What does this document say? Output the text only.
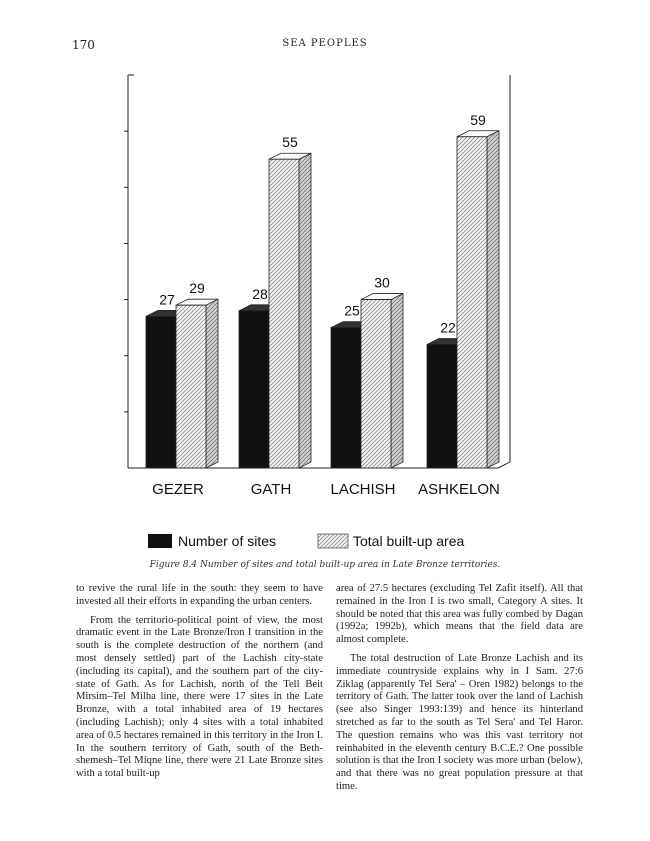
170	SEA PEOPLES
27
29	28
55
25
30
22
59
GEZER	GATH	LACHISH ASHKELON
Number of sites	Total built-up area
Figure 8.4 Number of sites and total built-up area in Late Bronze territories.

to revive the rural life in the south: they seem to have invested all their efforts in expanding the urban centers.

From the territorio-political point of view, the most dramatic event in the Late Bronze/Iron I transition in the south is the complete destruction of the northern (and most densely settled) part of the Lachish city-state (including its capital), and the southern part of the city-state of Gath. As for Lachish, north of the Tell Beit Mirsim–Tel Milha line, there were 17 sites in the Late Bronze, with a total inhabited area of 19 hectares (including Lachish); only 4 sites with a total inhabited area of 0.5 hectares remained in this territory in the Iron I. In the southern territory of Gath, south of the Beth-shemesh–Tel Miqne line, there were 21 Late Bronze sites with a total built-up

area of 27.5 hectares (excluding Tel Zafit itself). All that remained in the Iron I is two small, Category A sites. It should be noted that this area was fully combed by Dagan (1992a; 1992b), which means that the field data are almost complete.

The total destruction of Late Bronze Lachish and its immediate countryside explains why in I Sam. 27:6 Ziklag (apparently Tel Sera' – Oren 1982) belongs to the territory of Gath. The latter took over the land of Lachish (see also Singer 1993:139) and hence its hinterland stretched as far to the south as Tel Sera' and Tel Haror. The question remains who was this vast territory not reinhabited in the eleventh century B.C.E.? One possible solution is that the Iron I society was more urban (below), and that there was no great population pressure at that time.
